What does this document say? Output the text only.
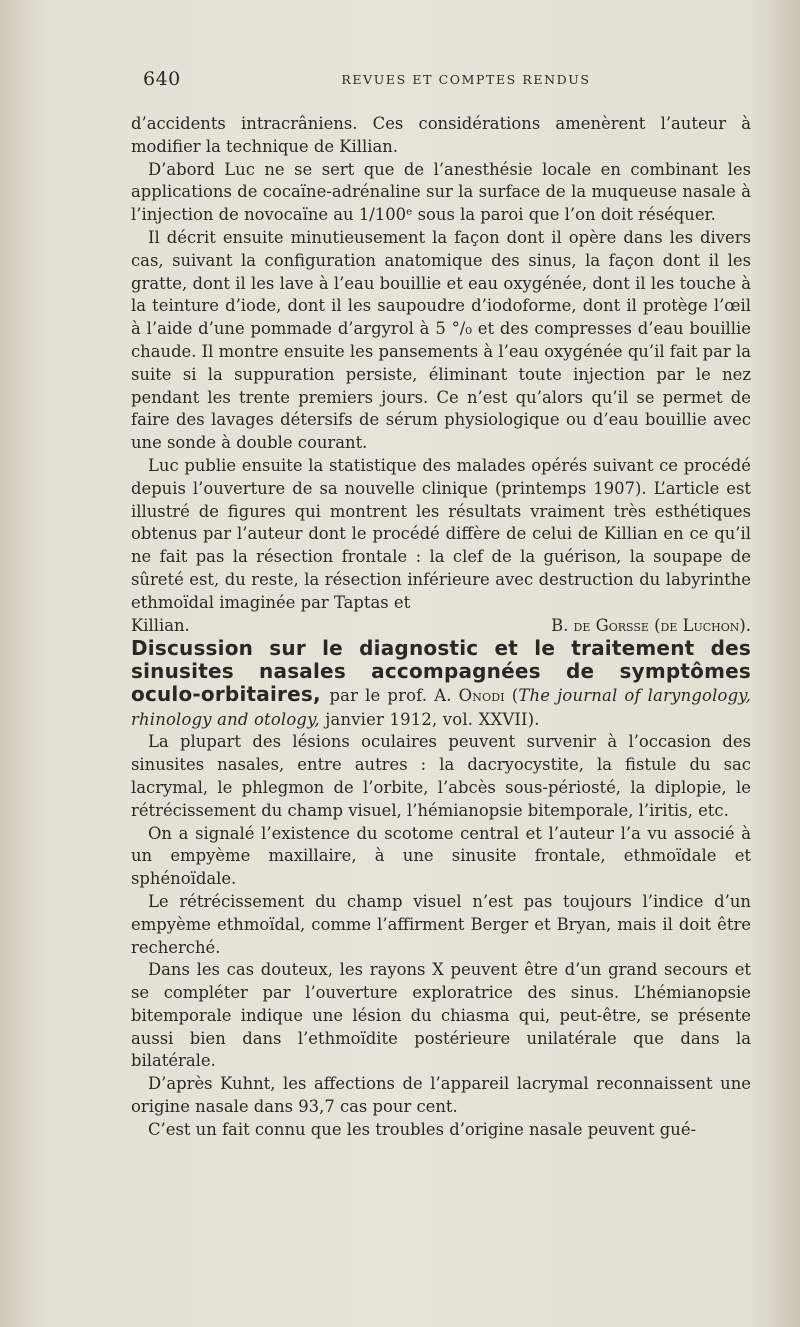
640	REVUES ET COMPTES RENDUS

d’accidents intracrâniens. Ces considérations amenèrent l’auteur à modifier la technique de Killian.

D’abord Luc ne se sert que de l’anesthésie locale en combinant les applications de cocaïne-adrénaline sur la surface de la muqueuse nasale à l’injection de novocaïne au 1/100ᵉ sous la paroi que l’on doit réséquer.

Il décrit ensuite minutieusement la façon dont il opère dans les divers cas, suivant la configuration anatomique des sinus, la façon dont il les gratte, dont il les lave à l’eau bouillie et eau oxygénée, dont il les touche à la teinture d’iode, dont il les saupoudre d’iodoforme, dont il protège l’œil à l’aide d’une pommade d’argyrol à 5 °/₀ et des compresses d’eau bouillie chaude. Il montre ensuite les pansements à l’eau oxygénée qu’il fait par la suite si la suppuration persiste, éliminant toute injection par le nez pendant les trente premiers jours. Ce n’est qu’alors qu’il se permet de faire des lavages détersifs de sérum physiologique ou d’eau bouillie avec une sonde à double courant.

Luc publie ensuite la statistique des malades opérés suivant ce procédé depuis l’ouverture de sa nouvelle clinique (printemps 1907). L’article est illustré de figures qui montrent les résultats vraiment très esthétiques obtenus par l’auteur dont le procédé diffère de celui de Killian en ce qu’il ne fait pas la résection frontale : la clef de la guérison, la soupape de sûreté est, du reste, la résection inférieure avec destruction du labyrinthe ethmoïdal imaginée par Taptas et

Killian.	B. de Gorsse (de Luchon).

Discussion sur le diagnostic et le traitement des sinusites nasales accompagnées de symptômes oculo-orbitaires, par le prof. A. Onodi (The journal of laryngology, rhinology and otology, janvier 1912, vol. XXVII).

La plupart des lésions oculaires peuvent survenir à l’occasion des sinusites nasales, entre autres : la dacryocystite, la fistule du sac lacrymal, le phlegmon de l’orbite, l’abcès sous-périosté, la diplopie, le rétrécissement du champ visuel, l’hémianopsie bitemporale, l’iritis, etc.

On a signalé l’existence du scotome central et l’auteur l’a vu associé à un empyème maxillaire, à une sinusite frontale, ethmoïdale et sphénoïdale.

Le rétrécissement du champ visuel n’est pas toujours l’indice d’un empyème ethmoïdal, comme l’affirment Berger et Bryan, mais il doit être recherché.

Dans les cas douteux, les rayons X peuvent être d’un grand secours et se compléter par l’ouverture exploratrice des sinus. L’hémianopsie bitemporale indique une lésion du chiasma qui, peut-être, se présente aussi bien dans l’ethmoïdite postérieure unilatérale que dans la bilatérale.

D’après Kuhnt, les affections de l’appareil lacrymal reconnaissent une origine nasale dans 93,7 cas pour cent.

C’est un fait connu que les troubles d’origine nasale peuvent gué-
